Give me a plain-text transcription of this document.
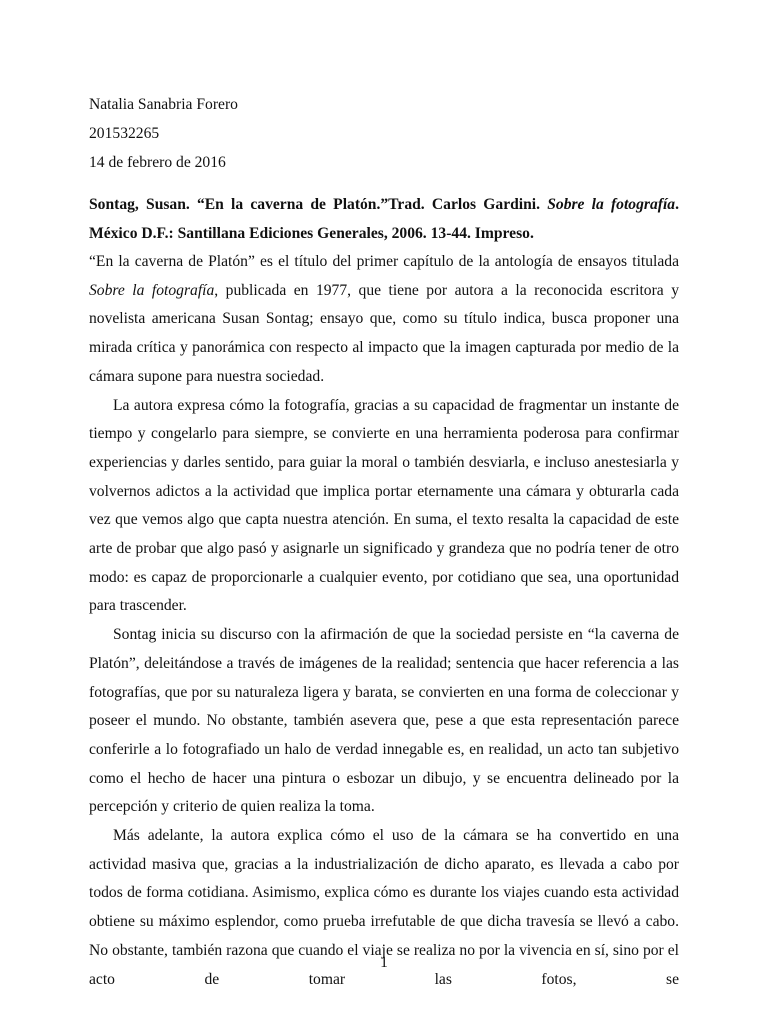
Natalia Sanabria Forero
201532265
14 de febrero de 2016
Sontag, Susan. “En la caverna de Platón.”Trad. Carlos Gardini. Sobre la fotografía. México D.F.: Santillana Ediciones Generales, 2006. 13-44. Impreso.

“En la caverna de Platón” es el título del primer capítulo de la antología de ensayos titulada Sobre la fotografía, publicada en 1977, que tiene por autora a la reconocida escritora y novelista americana Susan Sontag; ensayo que, como su título indica, busca proponer una mirada crítica y panorámica con respecto al impacto que la imagen capturada por medio de la cámara supone para nuestra sociedad.

La autora expresa cómo la fotografía, gracias a su capacidad de fragmentar un instante de tiempo y congelarlo para siempre, se convierte en una herramienta poderosa para confirmar experiencias y darles sentido, para guiar la moral o también desviarla, e incluso anestesiarla y volvernos adictos a la actividad que implica portar eternamente una cámara y obturarla cada vez que vemos algo que capta nuestra atención. En suma, el texto resalta la capacidad de este arte de probar que algo pasó y asignarle un significado y grandeza que no podría tener de otro modo: es capaz de proporcionarle a cualquier evento, por cotidiano que sea, una oportunidad para trascender.

Sontag inicia su discurso con la afirmación de que la sociedad persiste en “la caverna de Platón”, deleitándose a través de imágenes de la realidad; sentencia que hacer referencia a las fotografías, que por su naturaleza ligera y barata, se convierten en una forma de coleccionar y poseer el mundo. No obstante, también asevera que, pese a que esta representación parece conferirle a lo fotografiado un halo de verdad innegable es, en realidad, un acto tan subjetivo como el hecho de hacer una pintura o esbozar un dibujo, y se encuentra delineado por la percepción y criterio de quien realiza la toma.

Más adelante, la autora explica cómo el uso de la cámara se ha convertido en una actividad masiva que, gracias a la industrialización de dicho aparato, es llevada a cabo por todos de forma cotidiana. Asimismo, explica cómo es durante los viajes cuando esta actividad obtiene su máximo esplendor, como prueba irrefutable de que dicha travesía se llevó a cabo. No obstante, también razona que cuando el viaje se realiza no por la vivencia en sí, sino por el acto de tomar las fotos, se

1
